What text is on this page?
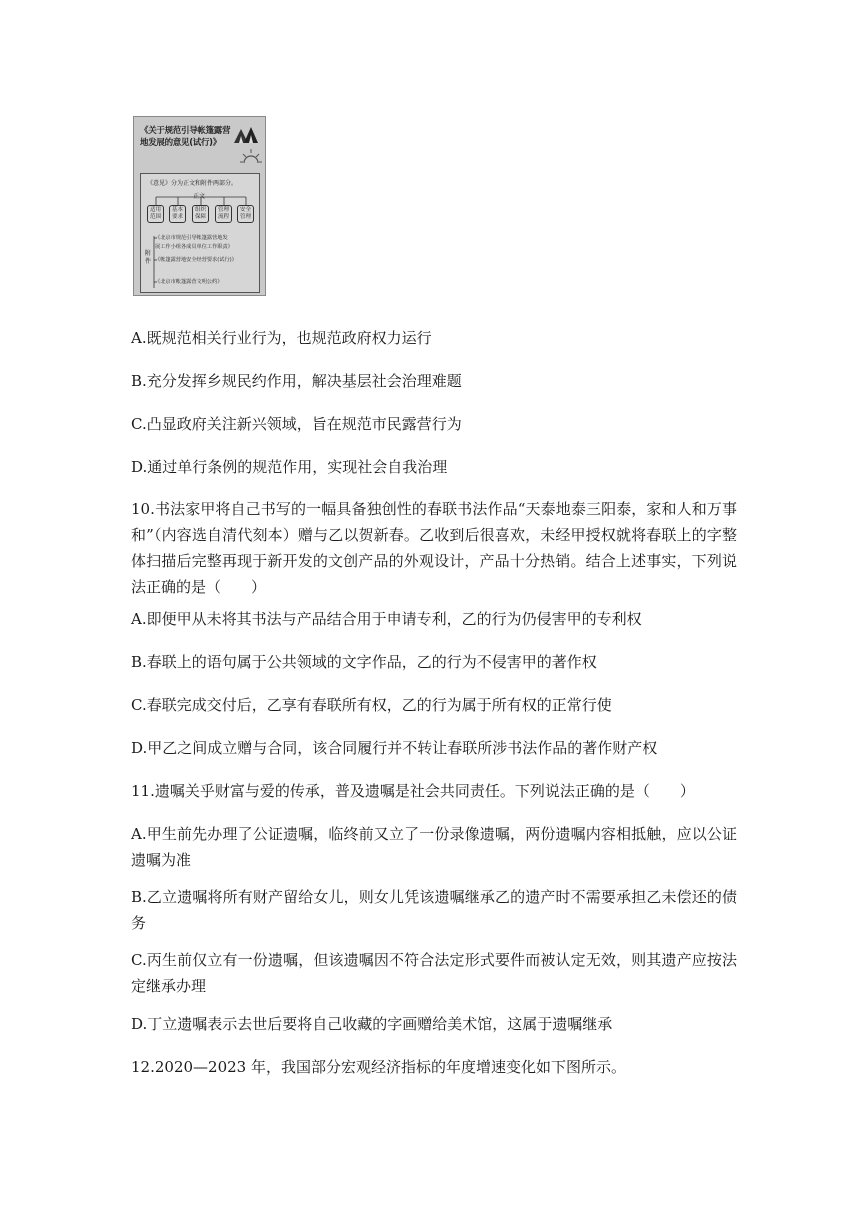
《关于规范引导帐篷露营地发展的意见(试行)》
《意见》分为正文和附件两部分。
正文
适用范围
基本要求
组织保障
管理流程
安全管理
附件
《北京市规范引导帐篷露营地发
展工作小组各成员单位工作职责》
《帐篷露营地安全经营要求(试行)》
《北京市帐篷露营文明公约》

A.既规范相关行业行为，也规范政府权力运行

B.充分发挥乡规民约作用，解决基层社会治理难题

C.凸显政府关注新兴领域，旨在规范市民露营行为

D.通过单行条例的规范作用，实现社会自我治理

10.书法家甲将自己书写的一幅具备独创性的春联书法作品“天泰地泰三阳泰，家和人和万事和”（内容选自清代刻本）赠与乙以贺新春。乙收到后很喜欢，未经甲授权就将春联上的字整体扫描后完整再现于新开发的文创产品的外观设计，产品十分热销。结合上述事实，下列说法正确的是（　　）

A.即便甲从未将其书法与产品结合用于申请专利，乙的行为仍侵害甲的专利权

B.春联上的语句属于公共领域的文字作品，乙的行为不侵害甲的著作权

C.春联完成交付后，乙享有春联所有权，乙的行为属于所有权的正常行使

D.甲乙之间成立赠与合同，该合同履行并不转让春联所涉书法作品的著作财产权

11.遗嘱关乎财富与爱的传承，普及遗嘱是社会共同责任。下列说法正确的是（　　）

A.甲生前先办理了公证遗嘱，临终前又立了一份录像遗嘱，两份遗嘱内容相抵触，应以公证遗嘱为准

B.乙立遗嘱将所有财产留给女儿，则女儿凭该遗嘱继承乙的遗产时不需要承担乙未偿还的债务

C.丙生前仅立有一份遗嘱，但该遗嘱因不符合法定形式要件而被认定无效，则其遗产应按法定继承办理

D.丁立遗嘱表示去世后要将自己收藏的字画赠给美术馆，这属于遗嘱继承

12.2020—2023 年，我国部分宏观经济指标的年度增速变化如下图所示。
